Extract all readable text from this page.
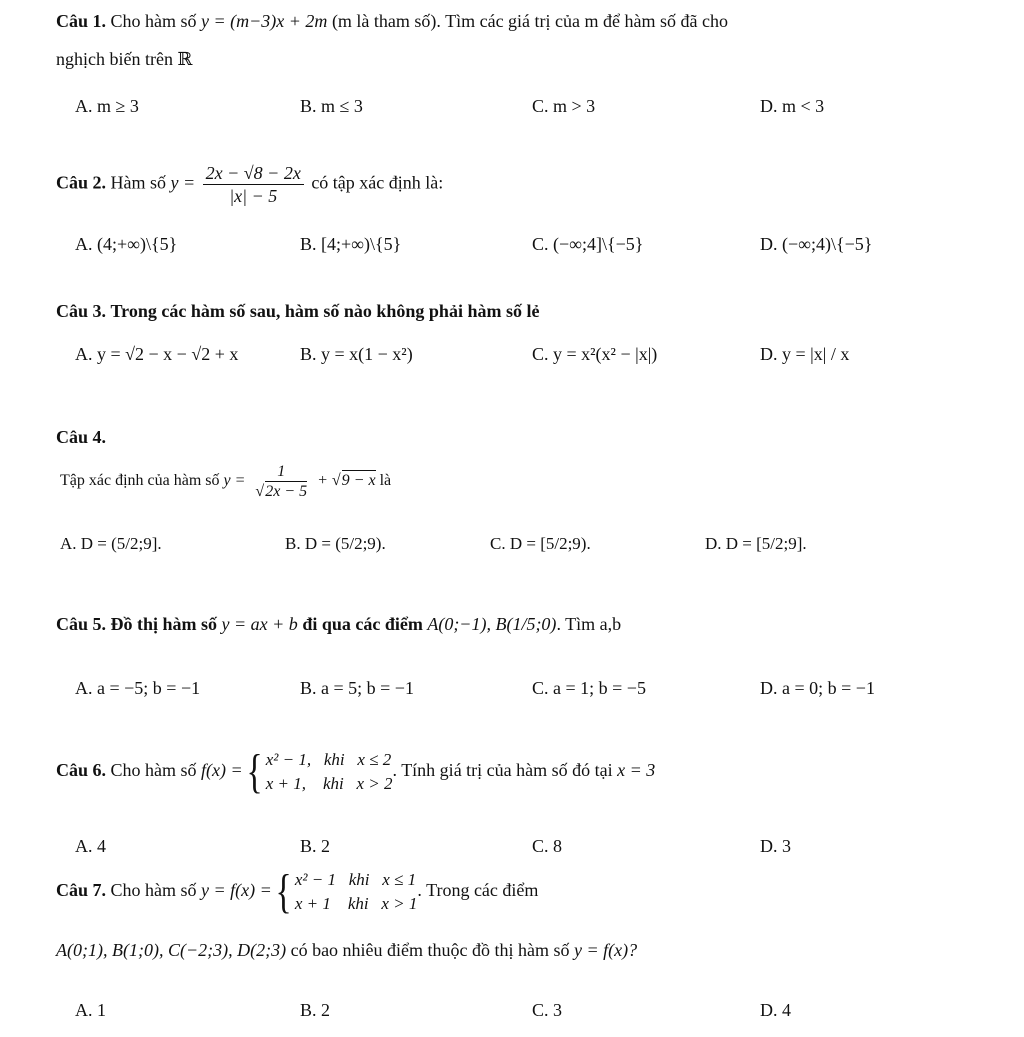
Câu 1. Cho hàm số y = (m−3)x + 2m (m là tham số). Tìm các giá trị của m để hàm số đã cho
nghịch biến trên ℝ
A. m ≥ 3	B. m ≤ 3	C. m > 3	D. m < 3
Câu 2. Hàm số $y = \frac{2x - √8 - 2x}{|x| - 5}$ có tập xác định là:
A. (4;+∞)\{5}	B. [4;+∞)\{5}	C. (−∞;4]\{−5}	D. (−∞;4)\{−5}
Câu 3. Trong các hàm số sau, hàm số nào không phải hàm số lẻ
A. y = √2 − x − √2 + x	B. y = x(1 − x²)	C. y = x²(x² − |x|)	D. y = |x| / x
Câu 4.
Tập xác định của hàm số $y = \frac{1}{√2x - 5} + √9 - x$ là
A. D = (5/2;9].	B. D = (5/2;9).	C. D = [5/2;9).	D. D = [5/2;9].
Câu 5. Đồ thị hàm số y = ax + b đi qua các điểm A(0;−1), B(1/5;0). Tìm a,b
A. a = −5; b = −1	B. a = 5; b = −1	C. a = 1; b = −5	D. a = 0; b = −1
Câu 6. Cho hàm số f(x) ={ x² − 1,   khi   x ≤ 2
x + 1,    khi   x > 2
. Tính giá trị của hàm số đó tại x = 3
A. 4	B. 2	C. 8	D. 3
Câu 7. Cho hàm số y = f(x) ={ x² − 1   khi   x ≤ 1
x + 1    khi   x > 1
. Trong các điểm
A(0;1), B(1;0), C(−2;3), D(2;3) có bao nhiêu điểm thuộc đồ thị hàm số y = f(x)?
A. 1	B. 2	C. 3	D. 4
